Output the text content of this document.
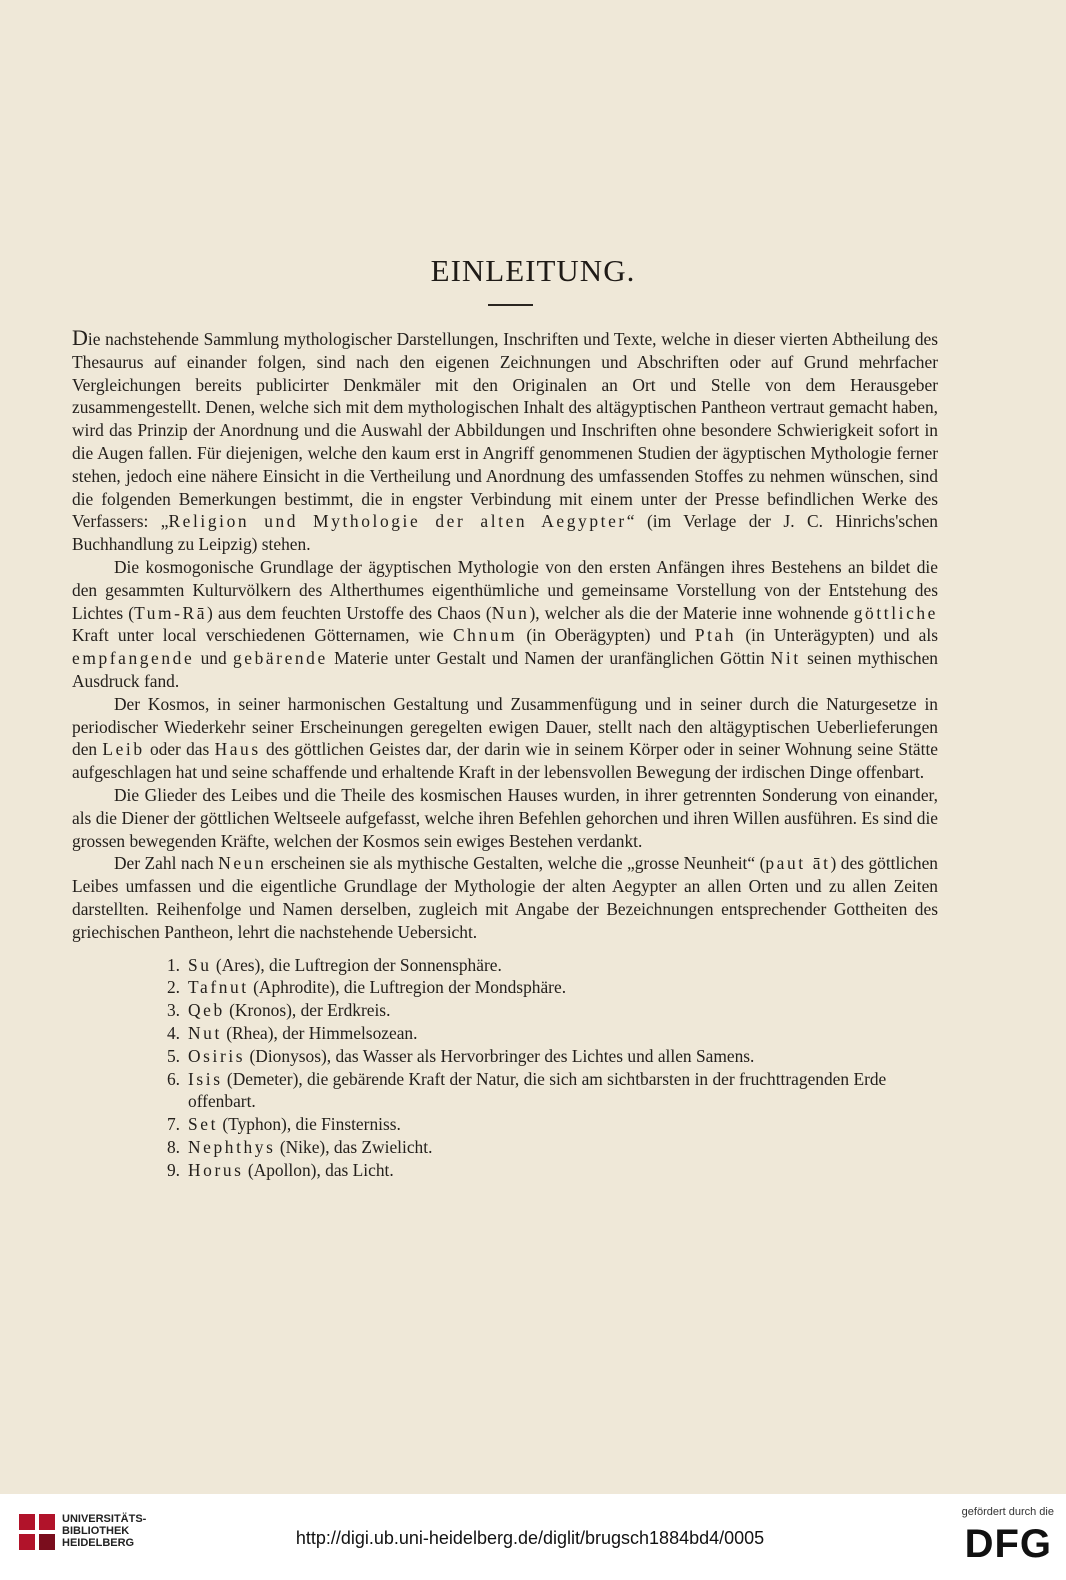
EINLEITUNG.

Die nachstehende Sammlung mythologischer Darstellungen, Inschriften und Texte, welche in dieser vierten Abtheilung des Thesaurus auf einander folgen, sind nach den eigenen Zeichnungen und Abschriften oder auf Grund mehrfacher Vergleichungen bereits publicirter Denkmäler mit den Originalen an Ort und Stelle von dem Herausgeber zusammengestellt. Denen, welche sich mit dem mythologischen Inhalt des altägyptischen Pantheon vertraut gemacht haben, wird das Prinzip der Anordnung und die Auswahl der Abbildungen und Inschriften ohne besondere Schwierigkeit sofort in die Augen fallen. Für diejenigen, welche den kaum erst in Angriff genommenen Studien der ägyptischen Mythologie ferner stehen, jedoch eine nähere Einsicht in die Vertheilung und Anordnung des umfassenden Stoffes zu nehmen wünschen, sind die folgenden Bemerkungen bestimmt, die in engster Verbindung mit einem unter der Presse befindlichen Werke des Verfassers: „Religion und Mythologie der alten Aegypter“ (im Verlage der J. C. Hinrichs'schen Buchhandlung zu Leipzig) stehen.

Die kosmogonische Grundlage der ägyptischen Mythologie von den ersten Anfängen ihres Bestehens an bildet die den gesammten Kulturvölkern des Altherthumes eigenthümliche und gemeinsame Vorstellung von der Entstehung des Lichtes (Tum-Rā) aus dem feuchten Urstoffe des Chaos (Nun), welcher als die der Materie inne wohnende göttliche Kraft unter local verschiedenen Götternamen, wie Chnum (in Oberägypten) und Ptah (in Unterägypten) und als empfangende und gebärende Materie unter Gestalt und Namen der uranfänglichen Göttin Nit seinen mythischen Ausdruck fand.

Der Kosmos, in seiner harmonischen Gestaltung und Zusammenfügung und in seiner durch die Naturgesetze in periodischer Wiederkehr seiner Erscheinungen geregelten ewigen Dauer, stellt nach den altägyptischen Ueberlieferungen den Leib oder das Haus des göttlichen Geistes dar, der darin wie in seinem Körper oder in seiner Wohnung seine Stätte aufgeschlagen hat und seine schaffende und erhaltende Kraft in der lebensvollen Bewegung der irdischen Dinge offenbart.

Die Glieder des Leibes und die Theile des kosmischen Hauses wurden, in ihrer getrennten Sonderung von einander, als die Diener der göttlichen Weltseele aufgefasst, welche ihren Befehlen gehorchen und ihren Willen ausführen. Es sind die grossen bewegenden Kräfte, welchen der Kosmos sein ewiges Bestehen verdankt.

Der Zahl nach Neun erscheinen sie als mythische Gestalten, welche die „grosse Neunheit“ (paut āt) des göttlichen Leibes umfassen und die eigentliche Grundlage der Mythologie der alten Aegypter an allen Orten und zu allen Zeiten darstellten. Reihenfolge und Namen derselben, zugleich mit Angabe der Bezeichnungen entsprechender Gottheiten des griechischen Pantheon, lehrt die nachstehende Uebersicht.

1. Su (Ares), die Luftregion der Sonnensphäre.
2. Tafnut (Aphrodite), die Luftregion der Mondsphäre.
3. Qeb (Kronos), der Erdkreis.
4. Nut (Rhea), der Himmelsozean.
5. Osiris (Dionysos), das Wasser als Hervorbringer des Lichtes und allen Samens.
6. Isis (Demeter), die gebärende Kraft der Natur, die sich am sichtbarsten in der fruchttragenden Erde offenbart.
7. Set (Typhon), die Finsterniss.
8. Nephthys (Nike), das Zwielicht.
9. Horus (Apollon), das Licht.
UNIVERSITÄTS-
BIBLIOTHEK
HEIDELBERG	http://digi.ub.uni-heidelberg.de/diglit/brugsch1884bd4/0005
gefördert durch die
DFG
